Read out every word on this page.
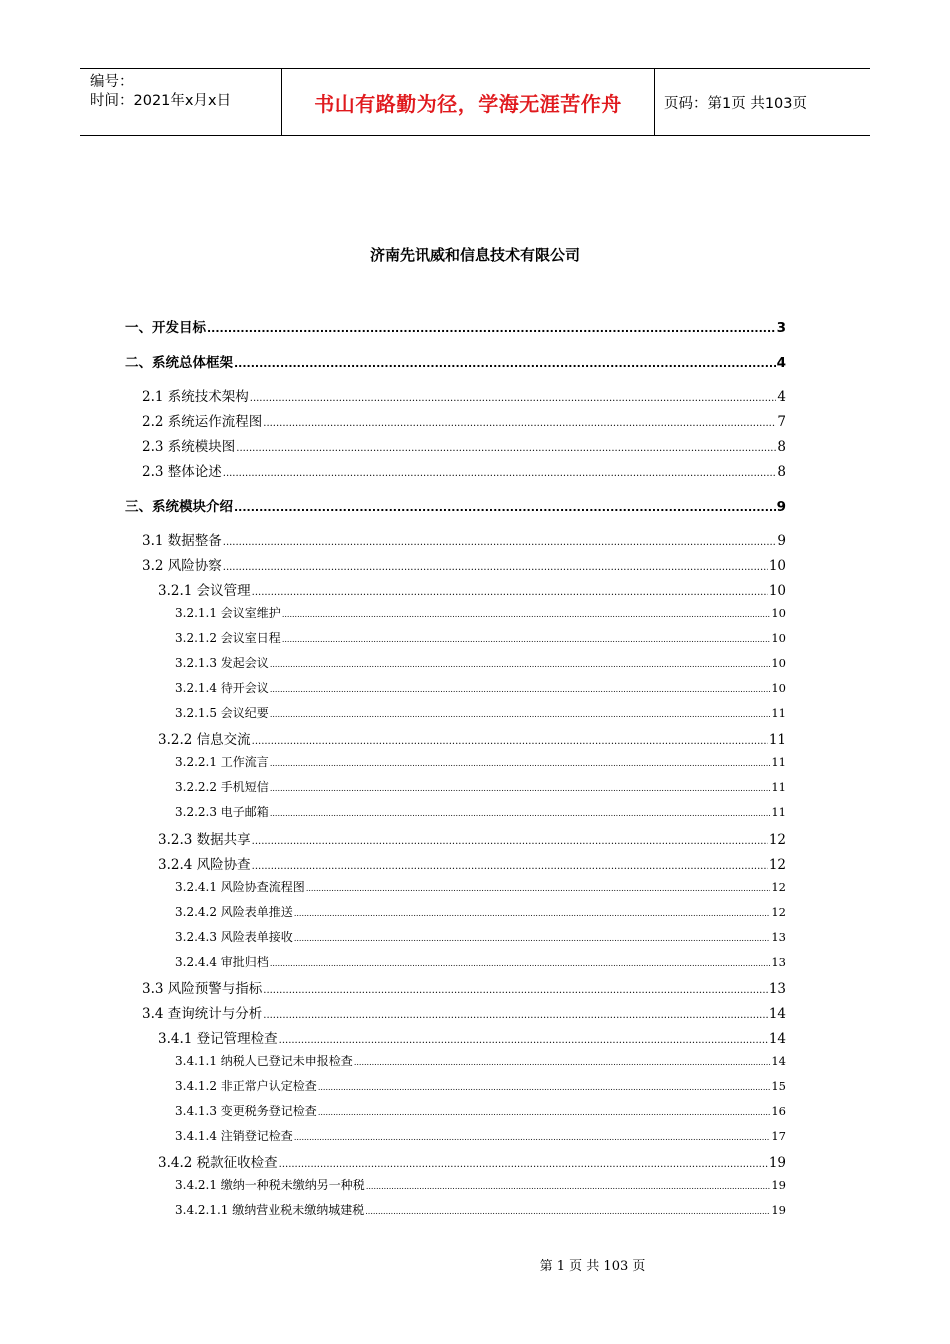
编号：
时间：2021年x月x日	书山有路勤为径，学海无涯苦作舟	页码：第1页 共103页
济南先讯威和信息技术有限公司
一、开发目标 .....	3
二、系统总体框架 .....	4
2.1 系统技术架构 .....	4
2.2 系统运作流程图 .....	7
2.3 系统模块图 .....	8
2.3 整体论述 .....	8
三、系统模块介绍 .....	9
3.1 数据整备 .....	9
3.2 风险协察 .....	10
3.2.1 会议管理 .....	10
3.2.1.1 会议室维护 .....	10
3.2.1.2 会议室日程 .....	10
3.2.1.3 发起会议 .....	10
3.2.1.4 待开会议 .....	10
3.2.1.5 会议纪要 .....	11
3.2.2 信息交流 .....	11
3.2.2.1 工作流言 .....	11
3.2.2.2 手机短信 .....	11
3.2.2.3 电子邮箱 .....	11
3.2.3 数据共享 .....	12
3.2.4 风险协查 .....	12
3.2.4.1 风险协查流程图 .....	12
3.2.4.2 风险表单推送 .....	12
3.2.4.3 风险表单接收 .....	13
3.2.4.4 审批归档 .....	13
3.3 风险预警与指标 .....	13
3.4 查询统计与分析 .....	14
3.4.1 登记管理检查 .....	14
3.4.1.1 纳税人已登记未申报检查 .....	14
3.4.1.2 非正常户认定检查 .....	15
3.4.1.3 变更税务登记检查 .....	16
3.4.1.4 注销登记检查 .....	17
3.4.2 税款征收检查 .....	19
3.4.2.1 缴纳一种税未缴纳另一种税 .....	19
3.4.2.1.1 缴纳营业税未缴纳城建税 .....	19
第 1 页 共 103 页
